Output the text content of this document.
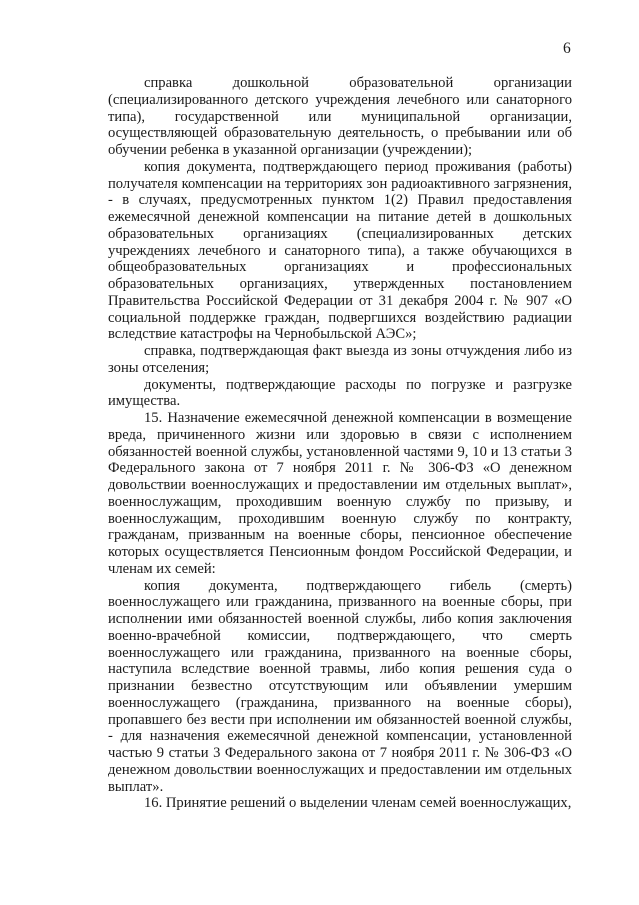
6

справка дошкольной образовательной организации (специализированного детского учреждения лечебного или санаторного типа), государственной или муниципальной организации, осуществляющей образовательную деятельность, о пребывании или об обучении ребенка в указанной организации (учреждении);

копия документа, подтверждающего период проживания (работы) получателя компенсации на территориях зон радиоактивного загрязнения, - в случаях, предусмотренных пунктом 1(2) Правил предоставления ежемесячной денежной компенсации на питание детей в дошкольных образовательных организациях (специализированных детских учреждениях лечебного и санаторного типа), а также обучающихся в общеобразовательных организациях и профессиональных образовательных организациях, утвержденных постановлением Правительства Российской Федерации от 31 декабря 2004 г. № 907 «О социальной поддержке граждан, подвергшихся воздействию радиации вследствие катастрофы на Чернобыльской АЭС»;

справка, подтверждающая факт выезда из зоны отчуждения либо из зоны отселения;

документы, подтверждающие расходы по погрузке и разгрузке имущества.

15. Назначение ежемесячной денежной компенсации в возмещение вреда, причиненного жизни или здоровью в связи с исполнением обязанностей военной службы, установленной частями 9, 10 и 13 статьи 3 Федерального закона от 7 ноября 2011 г. № 306-ФЗ «О денежном довольствии военнослужащих и предоставлении им отдельных выплат», военнослужащим, проходившим военную службу по призыву, и военнослужащим, проходившим военную службу по контракту, гражданам, призванным на военные сборы, пенсионное обеспечение которых осуществляется Пенсионным фондом Российской Федерации, и членам их семей:

копия документа, подтверждающего гибель (смерть) военнослужащего или гражданина, призванного на военные сборы, при исполнении ими обязанностей военной службы, либо копия заключения военно-врачебной комиссии, подтверждающего, что смерть военнослужащего или гражданина, призванного на военные сборы, наступила вследствие военной травмы, либо копия решения суда о признании безвестно отсутствующим или объявлении умершим военнослужащего (гражданина, призванного на военные сборы), пропавшего без вести при исполнении им обязанностей военной службы, - для назначения ежемесячной денежной компенсации, установленной частью 9 статьи 3 Федерального закона от 7 ноября 2011 г. № 306-ФЗ «О денежном довольствии военнослужащих и предоставлении им отдельных выплат».

16. Принятие решений о выделении членам семей военнослужащих,
